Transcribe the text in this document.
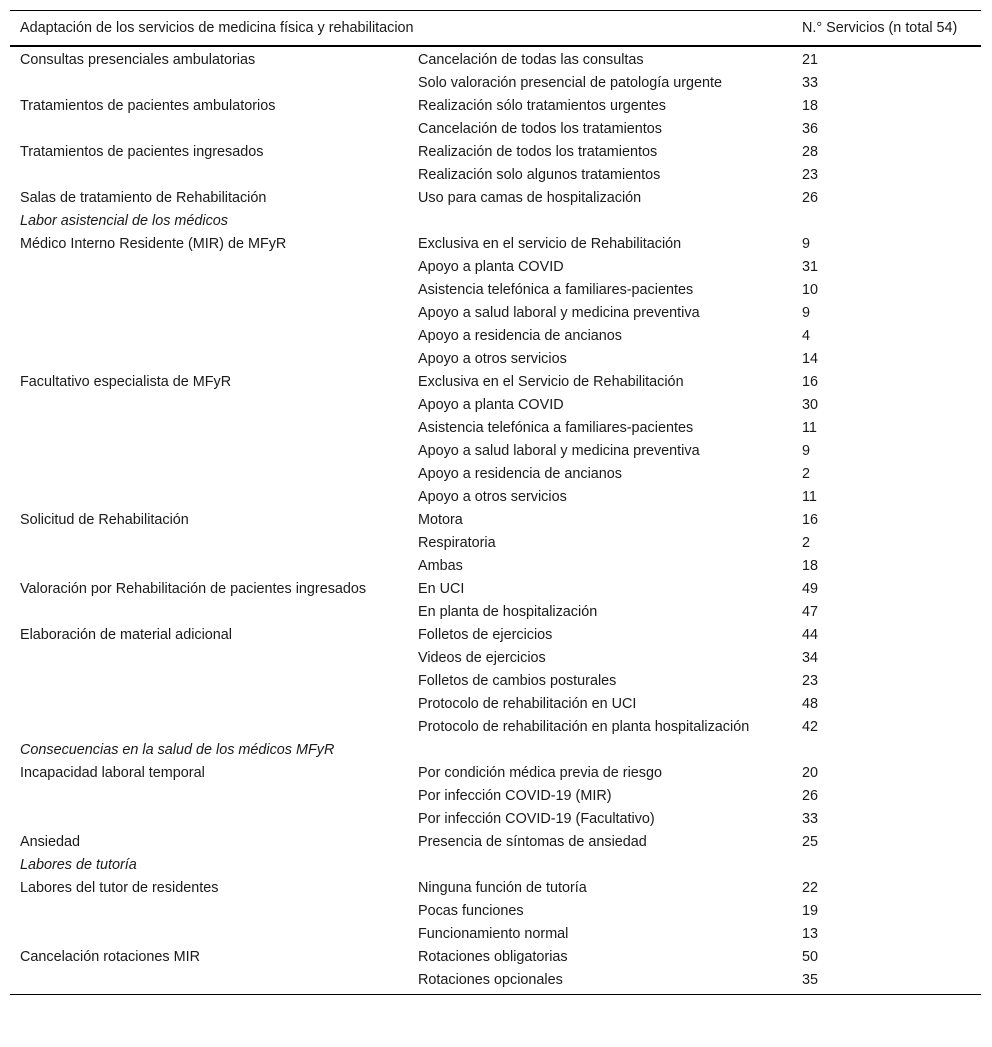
Adaptación de los servicios de medicina física y rehabilitacion		N.° Servicios (n total 54)
Consultas presenciales ambulatorias	Cancelación de todas las consultas	21
	Solo valoración presencial de patología urgente	33
Tratamientos de pacientes ambulatorios	Realización sólo tratamientos urgentes	18
	Cancelación de todos los tratamientos	36
Tratamientos de pacientes ingresados	Realización de todos los tratamientos	28
	Realización solo algunos tratamientos	23
Salas de tratamiento de Rehabilitación	Uso para camas de hospitalización	26
Labor asistencial de los médicos		
Médico Interno Residente (MIR) de MFyR	Exclusiva en el servicio de Rehabilitación	9
	Apoyo a planta COVID	31
	Asistencia telefónica a familiares-pacientes	10
	Apoyo a salud laboral y medicina preventiva	9
	Apoyo a residencia de ancianos	4
	Apoyo a otros servicios	14
Facultativo especialista de MFyR	Exclusiva en el Servicio de Rehabilitación	16
	Apoyo a planta COVID	30
	Asistencia telefónica a familiares-pacientes	11
	Apoyo a salud laboral y medicina preventiva	9
	Apoyo a residencia de ancianos	2
	Apoyo a otros servicios	11
Solicitud de Rehabilitación	Motora	16
	Respiratoria	2
	Ambas	18
Valoración por Rehabilitación de pacientes ingresados	En UCI	49
	En planta de hospitalización	47
Elaboración de material adicional	Folletos de ejercicios	44
	Videos de ejercicios	34
	Folletos de cambios posturales	23
	Protocolo de rehabilitación en UCI	48
	Protocolo de rehabilitación en planta hospitalización	42
Consecuencias en la salud de los médicos MFyR		
Incapacidad laboral temporal	Por condición médica previa de riesgo	20
	Por infección COVID-19 (MIR)	26
	Por infección COVID-19 (Facultativo)	33
Ansiedad	Presencia de síntomas de ansiedad	25
Labores de tutoría		
Labores del tutor de residentes	Ninguna función de tutoría	22
	Pocas funciones	19
	Funcionamiento normal	13
Cancelación rotaciones MIR	Rotaciones obligatorias	50
	Rotaciones opcionales	35
